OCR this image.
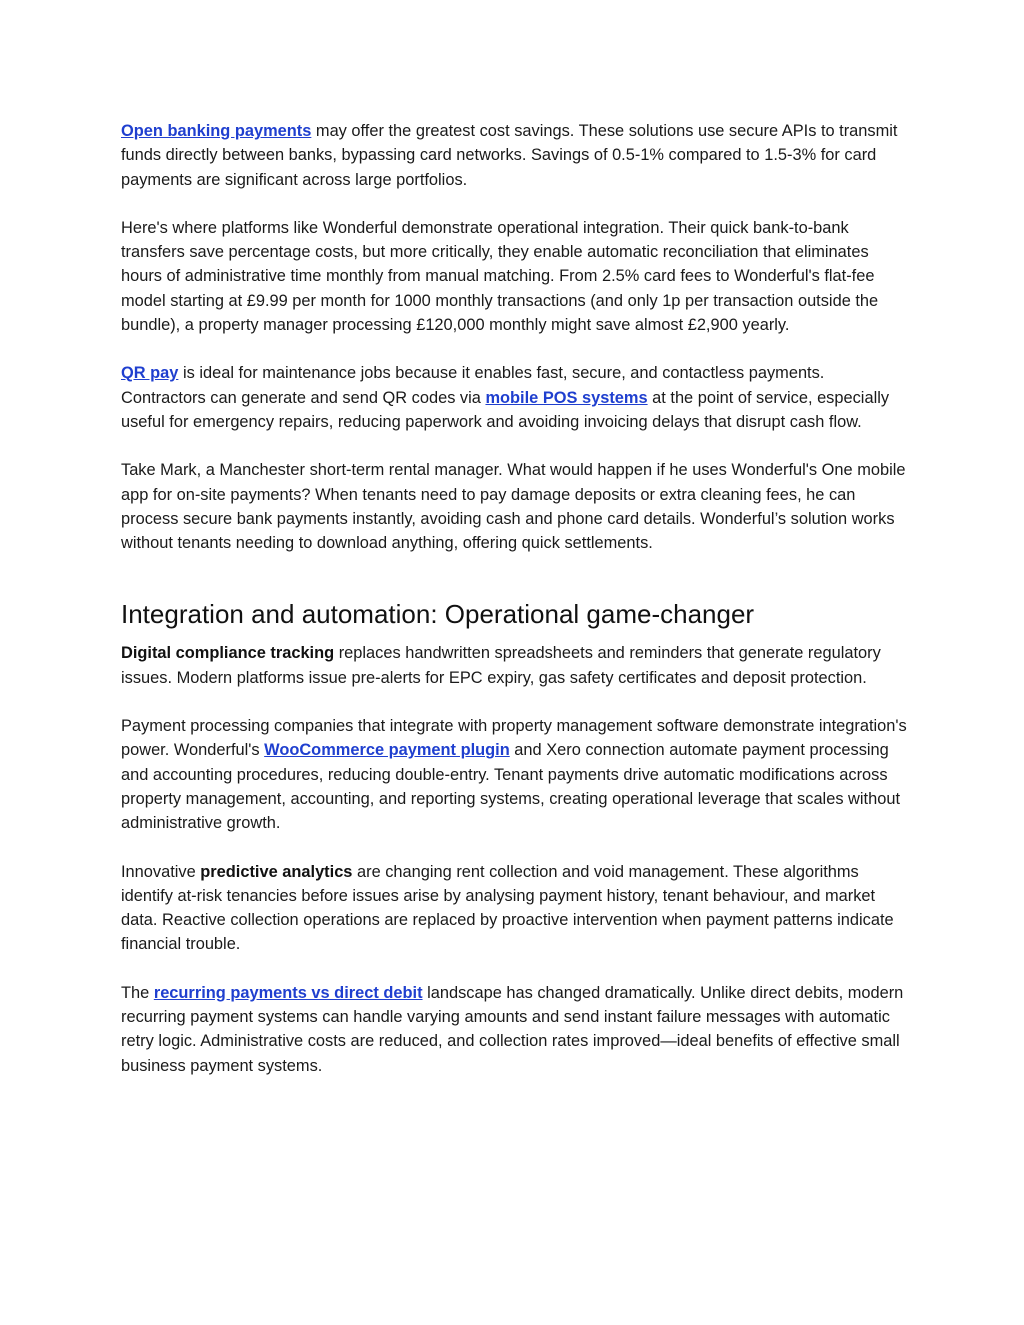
Open banking payments may offer the greatest cost savings. These solutions use secure APIs to transmit funds directly between banks, bypassing card networks. Savings of 0.5-1% compared to 1.5-3% for card payments are significant across large portfolios.

Here's where platforms like Wonderful demonstrate operational integration. Their quick bank-to-bank transfers save percentage costs, but more critically, they enable automatic reconciliation that eliminates hours of administrative time monthly from manual matching. From 2.5% card fees to Wonderful's flat-fee model starting at £9.99 per month for 1000 monthly transactions (and only 1p per transaction outside the bundle), a property manager processing £120,000 monthly might save almost £2,900 yearly.

QR pay is ideal for maintenance jobs because it enables fast, secure, and contactless payments. Contractors can generate and send QR codes via mobile POS systems at the point of service, especially useful for emergency repairs, reducing paperwork and avoiding invoicing delays that disrupt cash flow.

Take Mark, a Manchester short-term rental manager. What would happen if he uses Wonderful's One mobile app for on-site payments? When tenants need to pay damage deposits or extra cleaning fees, he can process secure bank payments instantly, avoiding cash and phone card details. Wonderful’s solution works without tenants needing to download anything, offering quick settlements.

Integration and automation: Operational game-changer

Digital compliance tracking replaces handwritten spreadsheets and reminders that generate regulatory issues. Modern platforms issue pre-alerts for EPC expiry, gas safety certificates and deposit protection.

Payment processing companies that integrate with property management software demonstrate integration's power. Wonderful's WooCommerce payment plugin and Xero connection automate payment processing and accounting procedures, reducing double-entry. Tenant payments drive automatic modifications across property management, accounting, and reporting systems, creating operational leverage that scales without administrative growth.

Innovative predictive analytics are changing rent collection and void management. These algorithms identify at-risk tenancies before issues arise by analysing payment history, tenant behaviour, and market data. Reactive collection operations are replaced by proactive intervention when payment patterns indicate financial trouble.

The recurring payments vs direct debit landscape has changed dramatically. Unlike direct debits, modern recurring payment systems can handle varying amounts and send instant failure messages with automatic retry logic. Administrative costs are reduced, and collection rates improved—ideal benefits of effective small business payment systems.
